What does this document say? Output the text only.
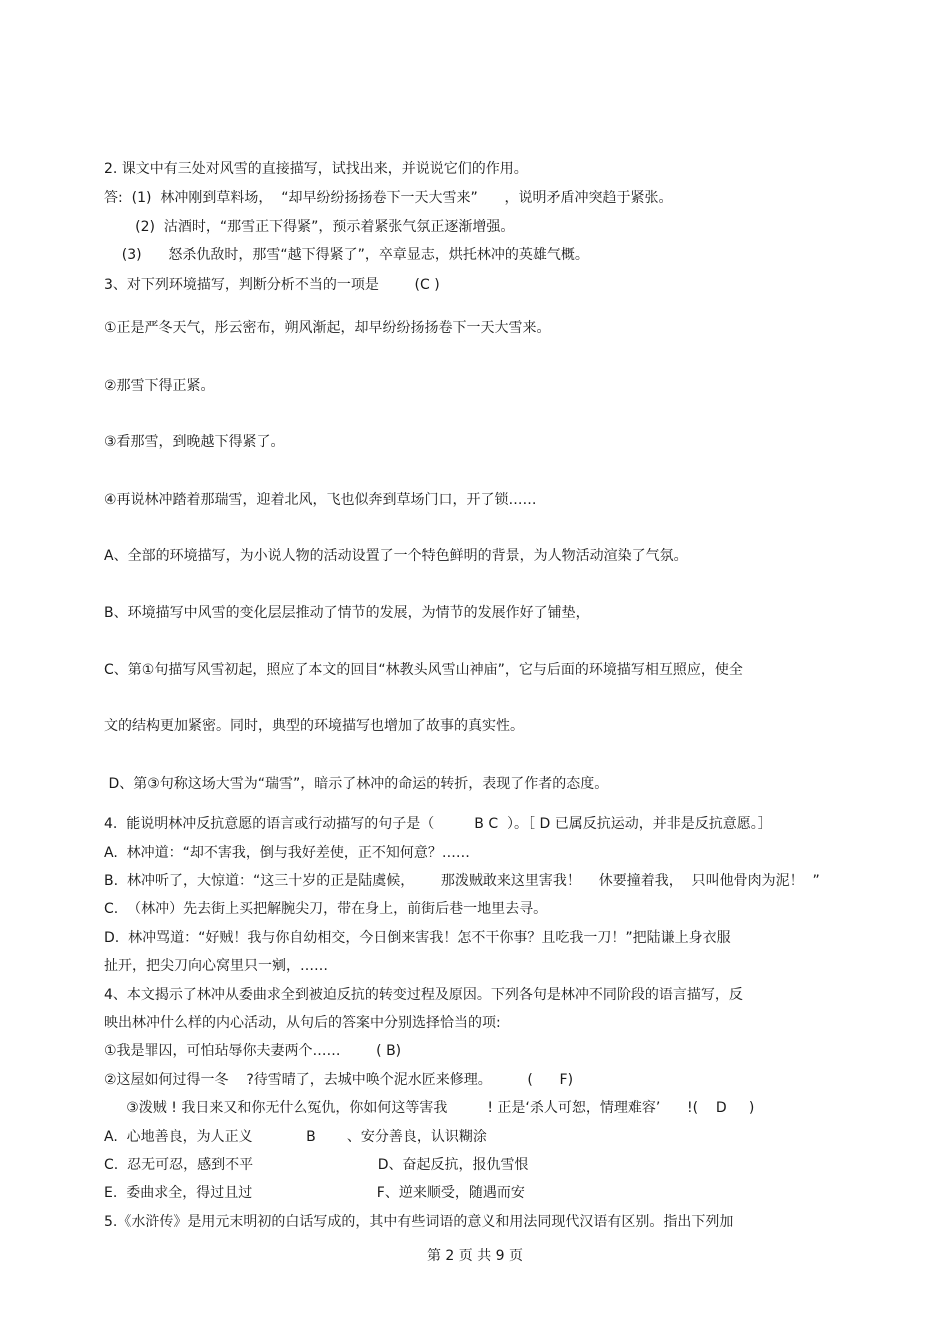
2. 课文中有三处对风雪的直接描写，试找出来，并说说它们的作用。
答:  (1)  林冲刚到草料场，  “却早纷纷扬扬卷下一天大雪来”      ，说明矛盾冲突趋于紧张。
(2)  沽酒时，“那雪正下得紧”，预示着紧张气氛正逐渐增强。
(3)      怒杀仇敌时，那雪“越下得紧了”，卒章显志，烘托林冲的英雄气概。
3、对下列环境描写，判断分析不当的一项是        (C )
①正是严冬天气，彤云密布，朔风渐起，却早纷纷扬扬卷下一天大雪来。
②那雪下得正紧。
③看那雪，到晚越下得紧了。
④再说林冲踏着那瑞雪，迎着北风，飞也似奔到草场门口，开了锁……
A、全部的环境描写，为小说人物的活动设置了一个特色鲜明的背景，为人物活动渲染了气氛。
B、环境描写中风雪的变化层层推动了情节的发展，为情节的发展作好了铺垫，
C、第①句描写风雪初起，照应了本文的回目“林教头风雪山神庙”，它与后面的环境描写相互照应，使全
文的结构更加紧密。同时，典型的环境描写也增加了故事的真实性。
D、第③句称这场大雪为“瑞雪”，暗示了林冲的命运的转折，表现了作者的态度。
4.  能说明林冲反抗意愿的语言或行动描写的句子是（         B C  ）。［ D 已属反抗运动，并非是反抗意愿。］
A.  林冲道：“却不害我，倒与我好差使，正不知何意？……
B.  林冲听了，大惊道：“这三十岁的正是陆虞候，      那泼贼敢来这里害我！    休要撞着我，  只叫他骨肉为泥！  ”
C.  （林冲）先去街上买把解腕尖刀，带在身上，前街后巷一地里去寻。
D.  林冲骂道：“好贼！我与你自幼相交，今日倒来害我！怎不干你事？且吃我一刀！”把陆谦上身衣服
扯开，把尖刀向心窝里只一剜，……
4、本文揭示了林冲从委曲求全到被迫反抗的转变过程及原因。下列各句是林冲不同阶段的语言描写，反
映出林冲什么样的内心活动，从句后的答案中分别选择恰当的项:
①我是罪囚，可怕玷辱你夫妻两个……        ( B)
②这屋如何过得一冬    ?待雪晴了，去城中唤个泥水匠来修理。        (      F)
③泼贼 ! 我日来又和你无什么冤仇，你如何这等害我         ! 正是‘杀人可恕，情理难容’      !(    D     )
A.  心地善良，为人正义            B       、安分善良，认识糊涂
C.  忍无可忍，感到不平                            D、奋起反抗，报仇雪恨
E.  委曲求全，得过且过                            F、逆来顺受，随遇而安
5.《水浒传》是用元末明初的白话写成的，其中有些词语的意义和用法同现代汉语有区别。指出下列加
第 2 页 共 9 页
